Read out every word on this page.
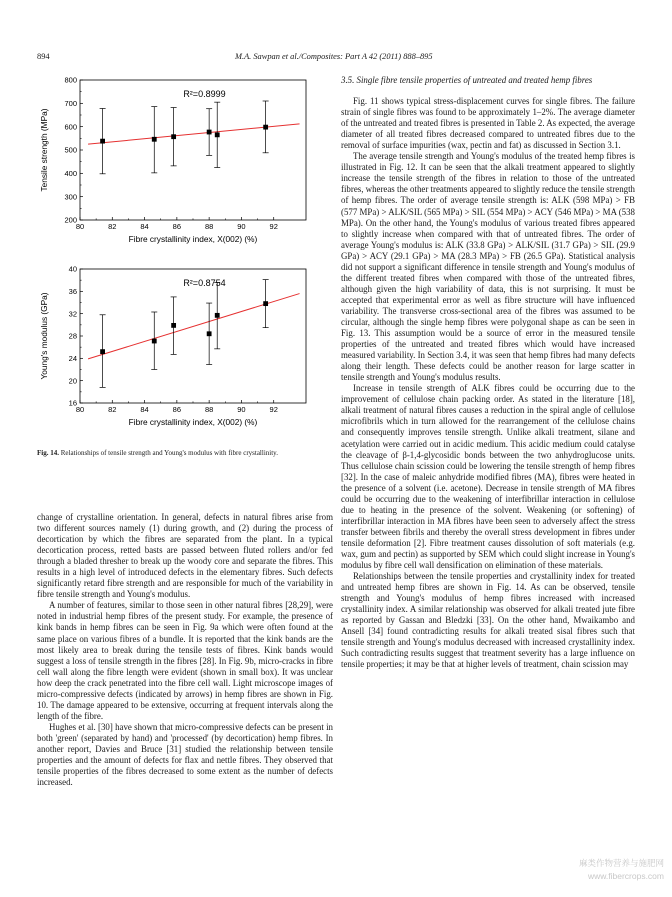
894	M.A. Sawpan et al./Composites: Part A 42 (2011) 888–895
80	82	84	86	88	90	92
200
300
400
500
600
700
800
R²=0.8999
Fibre crystallinity index, X(002) (%)
Tensile strength (MPa)
80	82	84	86	88	90	92
16
20
24
28
32
36
40
R²=0.8754
Fibre crystallinity index, X(002) (%)
Young's modulus (GPa)
Fig. 14. Relationships of tensile strength and Young's modulus with fibre crystallinity.

change of crystalline orientation. In general, defects in natural fibres arise from two different sources namely (1) during growth, and (2) during the process of decortication by which the fibres are separated from the plant. In a typical decortication process, retted basts are passed between fluted rollers and/or fed through a bladed thresher to break up the woody core and separate the fibres. This results in a high level of introduced defects in the elementary fibres. Such defects significantly retard fibre strength and are responsible for much of the variability in fibre tensile strength and Young's modulus.

A number of features, similar to those seen in other natural fibres [28,29], were noted in industrial hemp fibres of the present study. For example, the presence of kink bands in hemp fibres can be seen in Fig. 9a which were often found at the same place on various fibres of a bundle. It is reported that the kink bands are the most likely area to break during the tensile tests of fibres. Kink bands would suggest a loss of tensile strength in the fibres [28]. In Fig. 9b, micro-cracks in fibre cell wall along the fibre length were evident (shown in small box). It was unclear how deep the crack penetrated into the fibre cell wall. Light microscope images of micro-compressive defects (indicated by arrows) in hemp fibres are shown in Fig. 10. The damage appeared to be extensive, occurring at frequent intervals along the length of the fibre.

Hughes et al. [30] have shown that micro-compressive defects can be present in both 'green' (separated by hand) and 'processed' (by decortication) hemp fibres. In another report, Davies and Bruce [31] studied the relationship between tensile properties and the amount of defects for flax and nettle fibres. They observed that tensile properties of the fibres decreased to some extent as the number of defects increased.

3.5. Single fibre tensile properties of untreated and treated hemp fibres

Fig. 11 shows typical stress-displacement curves for single fibres. The failure strain of single fibres was found to be approximately 1–2%. The average diameter of the untreated and treated fibres is presented in Table 2. As expected, the average diameter of all treated fibres decreased compared to untreated fibres due to the removal of surface impurities (wax, pectin and fat) as discussed in Section 3.1.

The average tensile strength and Young's modulus of the treated hemp fibres is illustrated in Fig. 12. It can be seen that the alkali treatment appeared to slightly increase the tensile strength of the fibres in relation to those of the untreated fibres, whereas the other treatments appeared to slightly reduce the tensile strength of hemp fibres. The order of average tensile strength is: ALK (598 MPa) > FB (577 MPa) > ALK/SIL (565 MPa) > SIL (554 MPa) > ACY (546 MPa) > MA (538 MPa). On the other hand, the Young's modulus of various treated fibres appeared to slightly increase when compared with that of untreated fibres. The order of average Young's modulus is: ALK (33.8 GPa) > ALK/SIL (31.7 GPa) > SIL (29.9 GPa) > ACY (29.1 GPa) > MA (28.3 MPa) > FB (26.5 GPa). Statistical analysis did not support a significant difference in tensile strength and Young's modulus of the different treated fibres when compared with those of the untreated fibres, although given the high variability of data, this is not surprising. It must be accepted that experimental error as well as fibre structure will have influenced variability. The transverse cross-sectional area of the fibres was assumed to be circular, although the single hemp fibres were polygonal shape as can be seen in Fig. 13. This assumption would be a source of error in the measured tensile properties of the untreated and treated fibres which would have increased measured variability. In Section 3.4, it was seen that hemp fibres had many defects along their length. These defects could be another reason for large scatter in tensile strength and Young's modulus results.

Increase in tensile strength of ALK fibres could be occurring due to the improvement of cellulose chain packing order. As stated in the literature [18], alkali treatment of natural fibres causes a reduction in the spiral angle of cellulose microfibrils which in turn allowed for the rearrangement of the cellulose chains and consequently improves tensile strength. Unlike alkali treatment, silane and acetylation were carried out in acidic medium. This acidic medium could catalyse the cleavage of β-1,4-glycosidic bonds between the two anhydroglucose units. Thus cellulose chain scission could be lowering the tensile strength of hemp fibres [32]. In the case of maleic anhydride modified fibres (MA), fibres were heated in the presence of a solvent (i.e. acetone). Decrease in tensile strength of MA fibres could be occurring due to the weakening of interfibrillar interaction in cellulose due to heating in the presence of the solvent. Weakening (or softening) of interfibrillar interaction in MA fibres have been seen to adversely affect the stress transfer between fibrils and thereby the overall stress development in fibres under tensile deformation [2]. Fibre treatment causes dissolution of soft materials (e.g. wax, gum and pectin) as supported by SEM which could slight increase in Young's modulus by fibre cell wall densification on elimination of these materials.

Relationships between the tensile properties and crystallinity index for treated and untreated hemp fibres are shown in Fig. 14. As can be observed, tensile strength and Young's modulus of hemp fibres increased with increased crystallinity index. A similar relationship was observed for alkali treated jute fibre as reported by Gassan and Bledzki [33]. On the other hand, Mwaikambo and Ansell [34] found contradicting results for alkali treated sisal fibres such that tensile strength and Young's modulus decreased with increased crystallinity index. Such contradicting results suggest that treatment severity has a large influence on tensile properties; it may be that at higher levels of treatment, chain scission may

麻类作物营养与施肥网
www.fibercrops.com
